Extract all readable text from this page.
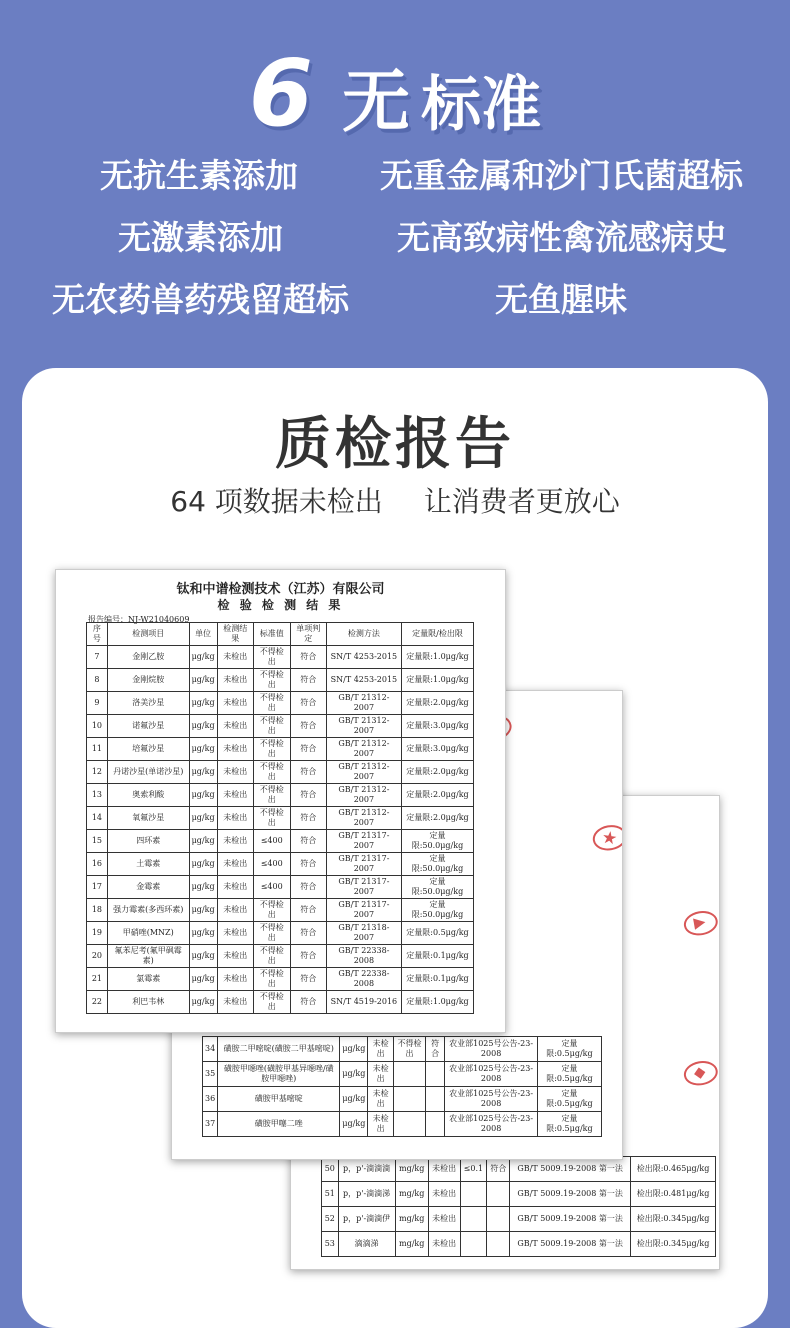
6 无 标准
无抗生素添加 无重金属和沙门氏菌超标
无激素添加	无高致病性禽流感病史
无农药兽药残留超标	无鱼腥味
质检报告
64 项数据未检出 让消费者更放心
▲
◆
50	p，p'-滴滴滴	mg/kg	未检出	≤0.1	符合	GB/T 5009.19-2008 第一法	检出限:0.465μg/kg
51	p，p'-滴滴涕	mg/kg	未检出			GB/T 5009.19-2008 第一法	检出限:0.481μg/kg
52	p，p'-滴滴伊	mg/kg	未检出			GB/T 5009.19-2008 第一法	检出限:0.345μg/kg
53	滴滴涕	mg/kg	未检出			GB/T 5009.19-2008 第一法	检出限:0.345μg/kg
★
34	磺胺二甲嘧啶(磺胺二甲基嘧啶)	μg/kg	未检出	不得检出	符合	农业部1025号公告-23-2008	定量限:0.5μg/kg
35	磺胺甲噁唑(磺胺甲基异噁唑/磺胺甲噁唑)	μg/kg	未检出			农业部1025号公告-23-2008	定量限:0.5μg/kg
36	磺胺甲基嘧啶	μg/kg	未检出			农业部1025号公告-23-2008	定量限:0.5μg/kg
37	磺胺甲噻二唑	μg/kg	未检出			农业部1025号公告-23-2008	定量限:0.5μg/kg
钛和中谱检测技术（江苏）有限公司
检 验 检 测 结 果
报告编号：NJ-W21040609
序号	检测项目	单位	检测结果	标准值	单项判定	检测方法	定量限/检出限
7	金刚乙胺	μg/kg	未检出	不得检出	符合	SN/T 4253-2015	定量限:1.0μg/kg
8	金刚烷胺	μg/kg	未检出	不得检出	符合	SN/T 4253-2015	定量限:1.0μg/kg
9	洛美沙星	μg/kg	未检出	不得检出	符合	GB/T 21312-2007	定量限:2.0μg/kg
10	诺氟沙星	μg/kg	未检出	不得检出	符合	GB/T 21312-2007	定量限:3.0μg/kg
11	培氟沙星	μg/kg	未检出	不得检出	符合	GB/T 21312-2007	定量限:3.0μg/kg
12	丹诺沙星(单诺沙星)	μg/kg	未检出	不得检出	符合	GB/T 21312-2007	定量限:2.0μg/kg
13	奥索利酸	μg/kg	未检出	不得检出	符合	GB/T 21312-2007	定量限:2.0μg/kg
14	氧氟沙星	μg/kg	未检出	不得检出	符合	GB/T 21312-2007	定量限:2.0μg/kg
15	四环素	μg/kg	未检出	≤400	符合	GB/T 21317-2007	定量限:50.0μg/kg
16	土霉素	μg/kg	未检出	≤400	符合	GB/T 21317-2007	定量限:50.0μg/kg
17	金霉素	μg/kg	未检出	≤400	符合	GB/T 21317-2007	定量限:50.0μg/kg
18	强力霉素(多西环素)	μg/kg	未检出	不得检出	符合	GB/T 21317-2007	定量限:50.0μg/kg
19	甲硝唑(MNZ)	μg/kg	未检出	不得检出	符合	GB/T 21318-2007	定量限:0.5μg/kg
20	氟苯尼考(氟甲砜霉素)	μg/kg	未检出	不得检出	符合	GB/T 22338-2008	定量限:0.1μg/kg
21	氯霉素	μg/kg	未检出	不得检出	符合	GB/T 22338-2008	定量限:0.1μg/kg
22	利巴韦林	μg/kg	未检出	不得检出	符合	SN/T 4519-2016	定量限:1.0μg/kg
